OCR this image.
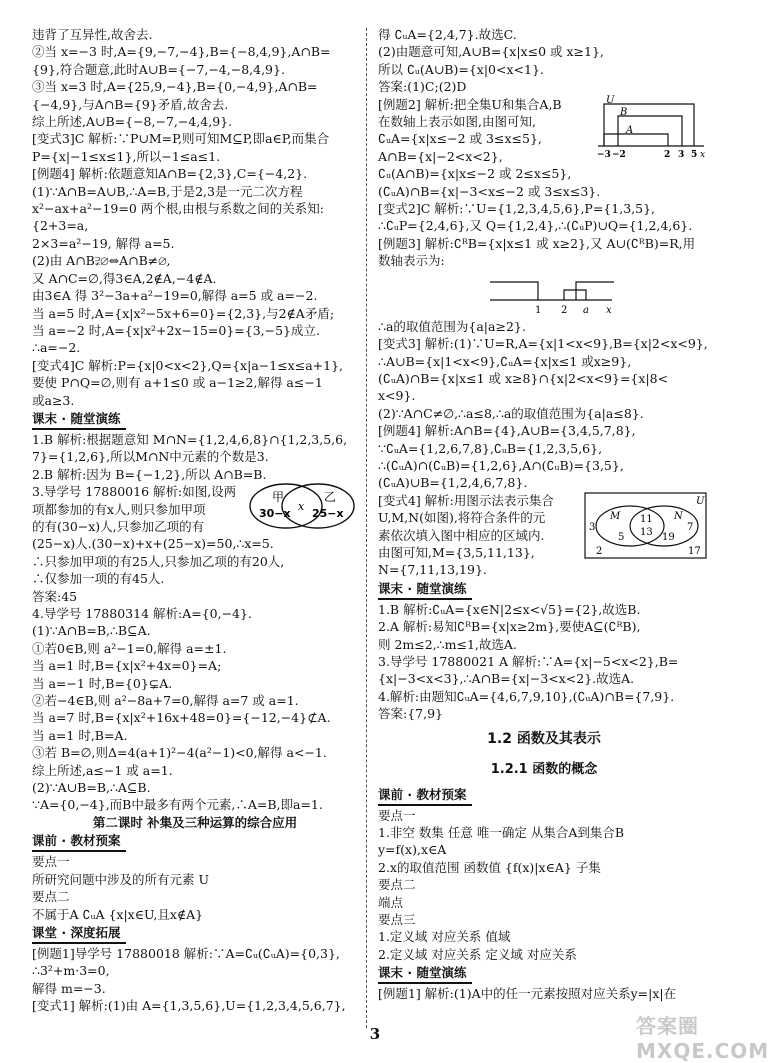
违背了互异性,故舍去.
②当 x=−3 时,A={9,−7,−4},B={−8,4,9},A∩B=
{9},符合题意,此时A∪B={−7,−4,−8,4,9}.
③当 x=3 时,A={25,9,−4},B={0,−4,9},A∩B=
{−4,9},与A∩B={9}矛盾,故舍去.
综上所述,A∪B={−8,−7,−4,4,9}.
[变式3]C 解析:∵P∪M=P,则可知M⊆P,即a∈P,而集合
P={x|−1≤x≤1},所以−1≤a≤1.
[例题4] 解析:依题意知A∩B={2,3},C={−4,2}.
(1)∵A∩B=A∪B,∴A=B,于是2,3是一元二次方程
x²−ax+a²−19=0 两个根,由根与系数之间的关系知:
{2+3=a,
2×3=a²−19, 解得 a=5.
(2)由 A∩B⫌∅⇔A∩B≠∅,
又 A∩C=∅,得3∈A,2∉A,−4∉A.
由3∈A 得 3²−3a+a²−19=0,解得 a=5 或 a=−2.
当 a=5 时,A={x|x²−5x+6=0}={2,3},与2∉A矛盾;
当 a=−2 时,A={x|x²+2x−15=0}={3,−5}成立.
∴a=−2.
[变式4]C 解析:P={x|0<x<2},Q={x|a−1≤x≤a+1},
要使 P∩Q=∅,则有 a+1≤0 或 a−1≥2,解得 a≤−1
或a≥3.
课末 · 随堂演练
1.B 解析:根据题意知 M∩N={1,2,4,6,8}∩{1,2,3,5,6,
7}={1,2,6},所以M∩N中元素的个数是3.
2.B 解析:因为 B={−1,2},所以 A∩B=B.
3.导学号 17880016 解析:如图,设两
项都参加的有x人,则只参加甲项
的有(30−x)人,只参加乙项的有
(25−x)人.(30−x)+x+(25−x)=50,∴x=5.
∴只参加甲项的有25人,只参加乙项的有20人,
∴仅参加一项的有45人.
答案:45
甲
30−x
x
乙
25−x
4.导学号 17880314 解析:A={0,−4}.
(1)∵A∩B=B,∴B⊆A.
①若0∈B,则 a²−1=0,解得 a=±1.
当 a=1 时,B={x|x²+4x=0}=A;
当 a=−1 时,B={0}⊊A.
②若−4∈B,则 a²−8a+7=0,解得 a=7 或 a=1.
当 a=7 时,B={x|x²+16x+48=0}={−12,−4}⊄A.
当 a=1 时,B=A.
③若 B=∅,则Δ=4(a+1)²−4(a²−1)<0,解得 a<−1.
综上所述,a≤−1 或 a=1.
(2)∵A∪B=B,∴A⊆B.
∵A={0,−4},而B中最多有两个元素,∴A=B,即a=1.
第二课时 补集及三种运算的综合应用
课前 · 教材预案
要点一
所研究问题中涉及的所有元素 U
要点二
不属于A ∁ᵤA {x|x∈U,且x∉A}
课堂 · 深度拓展
[例题1]导学号 17880018 解析:∵A=∁ᵤ(∁ᵤA)={0,3},
∴3²+m·3=0,
解得 m=−3.
[变式1] 解析:(1)由 A={1,3,5,6},U={1,2,3,4,5,6,7},
得 ∁ᵤA={2,4,7}.故选C.
(2)由题意可知,A∪B={x|x≤0 或 x≥1},
所以 ∁ᵤ(A∪B)={x|0<x<1}.
答案:(1)C;(2)D
[例题2] 解析:把全集U和集合A,B
在数轴上表示如图,由图可知,
∁ᵤA={x|x≤−2 或 3≤x≤5},
A∩B={x|−2<x<2},
∁ᵤ(A∩B)={x|x≤−2 或 2≤x≤5},
(∁ᵤA)∩B={x|−3<x≤−2 或 3≤x≤3}.
[变式2]C 解析:∵U={1,2,3,4,5,6},P={1,3,5},
∴∁ᵤP={2,4,6},又 Q={1,2,4},∴(∁ᵤP)∪Q={1,2,4,6}.
[例题3] 解析:∁ᴿB={x|x≤1 或 x≥2},又 A∪(∁ᴿB)=R,用
数轴表示为:
U
B
A
−3 −2	2 3 5 x
1 2 a x
∴a的取值范围为{a|a≥2}.
[变式3] 解析:(1)∵U=R,A={x|1<x<9},B={x|2<x<9},
∴A∪B={x|1<x<9},∁ᵤA={x|x≤1 或x≥9},
(∁ᵤA)∩B={x|x≤1 或 x≥8}∩{x|2<x<9}={x|8<
x<9}.
(2)∵A∩C≠∅,∴a≤8,∴a的取值范围为{a|a≤8}.
[例题4] 解析:A∩B={4},A∪B={3,4,5,7,8},
∵∁ᵤA={1,2,6,7,8},∁ᵤB={1,2,3,5,6},
∴(∁ᵤA)∩(∁ᵤB)={1,2,6},A∩(∁ᵤB)={3,5},
(∁ᵤA)∪B={1,2,4,6,7,8}.
[变式4] 解析:用图示法表示集合
U,M,N(如图),将符合条件的元
素依次填入图中相应的区域内.
由图可知,M={3,5,11,13},
N={7,11,13,19}.
U
M	N
3
11
13	7
5
2
19
17
课末 · 随堂演练
1.B 解析:∁ᵤA={x∈N|2≤x<√5}={2},故选B.
2.A 解析:易知∁ᴿB={x|x≥2m},要使A⊆(∁ᴿB),
则 2m≤2,∴m≤1,故选A.
3.导学号 17880021 A 解析:∵A={x|−5<x<2},B=
{x|−3<x<3},∴A∩B={x|−3<x<2}.故选A.
4.解析:由题知∁ᵤA={4,6,7,9,10},(∁ᵤA)∩B={7,9}.
答案:{7,9}
1.2 函数及其表示
1.2.1 函数的概念
课前 · 教材预案
要点一
1.非空 数集 任意 唯一确定 从集合A到集合B
y=f(x),x∈A
2.x的取值范围 函数值 {f(x)|x∈A} 子集
要点二
端点
要点三
1.定义域 对应关系 值域
2.定义域 对应关系 定义域 对应关系
课末 · 随堂演练
[例题1] 解析:(1)A中的任一元素按照对应关系y=|x|在
3	答案圈 MXQE.COM
